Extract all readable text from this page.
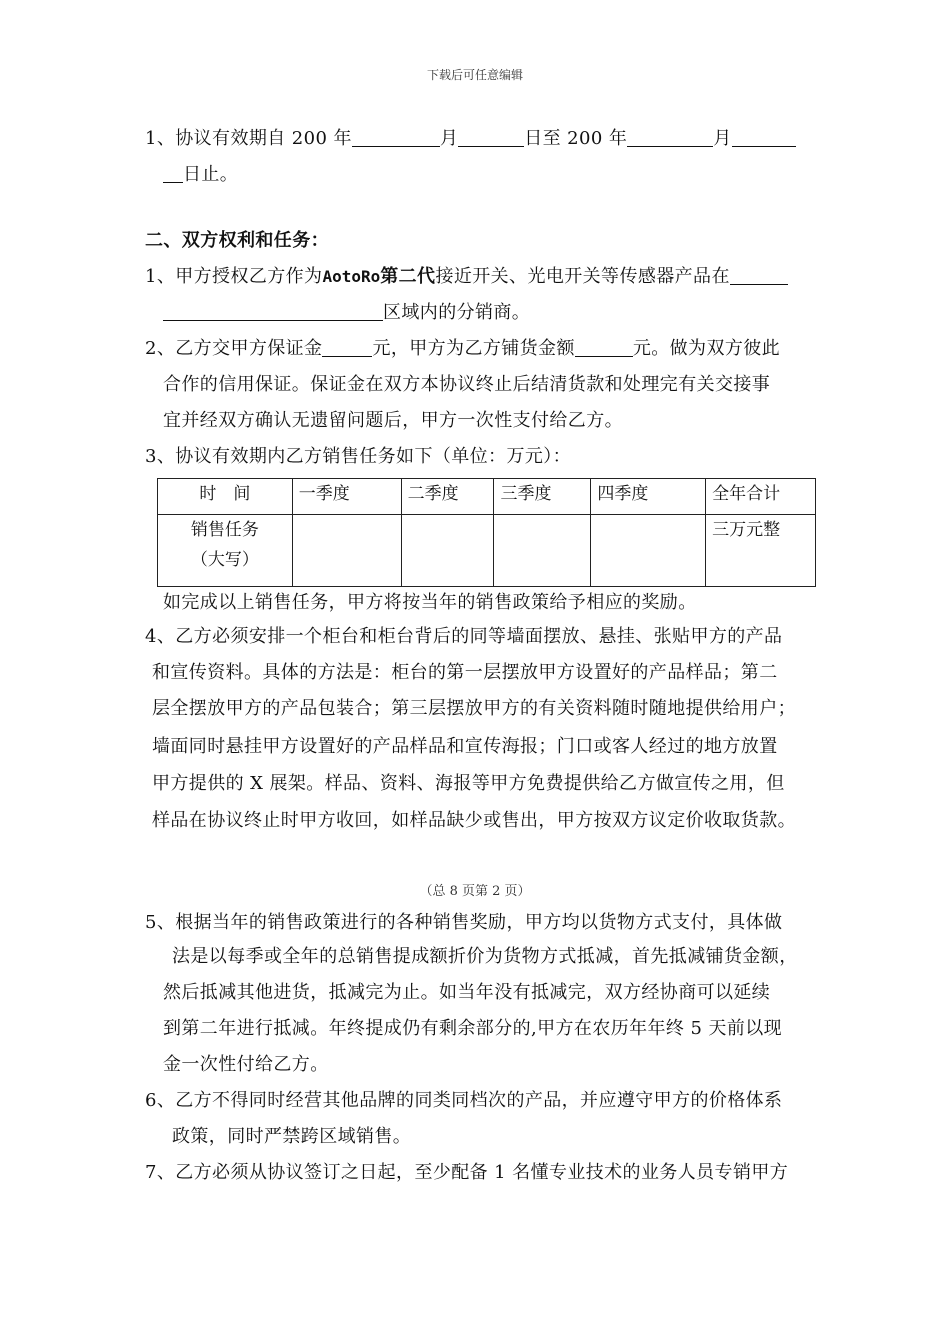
下载后可任意编辑
1、协议有效期自 200 年	月	日至 200 年	月
日止。
二、双方权利和任务：
1、甲方授权乙方作为AotoRo第二代接近开关、光电开关等传感器产品在
区域内的分销商。
2、乙方交甲方保证金	元，甲方为乙方铺货金额	元。做为双方彼此
合作的信用保证。保证金在双方本协议终止后结清货款和处理完有关交接事
宜并经双方确认无遗留问题后，甲方一次性支付给乙方。
3、协议有效期内乙方销售任务如下（单位：万元）：
时　间	一季度	二季度	三季度	四季度	全年合计

销售任务
（大写）					三万元整
如完成以上销售任务，甲方将按当年的销售政策给予相应的奖励。
4、乙方必须安排一个柜台和柜台背后的同等墙面摆放、悬挂、张贴甲方的产品
和宣传资料。具体的方法是：柜台的第一层摆放甲方设置好的产品样品；第二
层全摆放甲方的产品包装合；第三层摆放甲方的有关资料随时随地提供给用户；
墙面同时悬挂甲方设置好的产品样品和宣传海报；门口或客人经过的地方放置
甲方提供的 X 展架。样品、资料、海报等甲方免费提供给乙方做宣传之用，但
样品在协议终止时甲方收回，如样品缺少或售出，甲方按双方议定价收取货款。
（总 8 页第 2 页）
5、根据当年的销售政策进行的各种销售奖励，甲方均以货物方式支付，具体做
法是以每季或全年的总销售提成额折价为货物方式抵减，首先抵减铺货金额，
然后抵减其他进货，抵减完为止。如当年没有抵减完，双方经协商可以延续
到第二年进行抵减。年终提成仍有剩余部分的,甲方在农历年年终 5 天前以现
金一次性付给乙方。
6、乙方不得同时经营其他品牌的同类同档次的产品，并应遵守甲方的价格体系
政策，同时严禁跨区域销售。
7、乙方必须从协议签订之日起，至少配备 1 名懂专业技术的业务人员专销甲方
